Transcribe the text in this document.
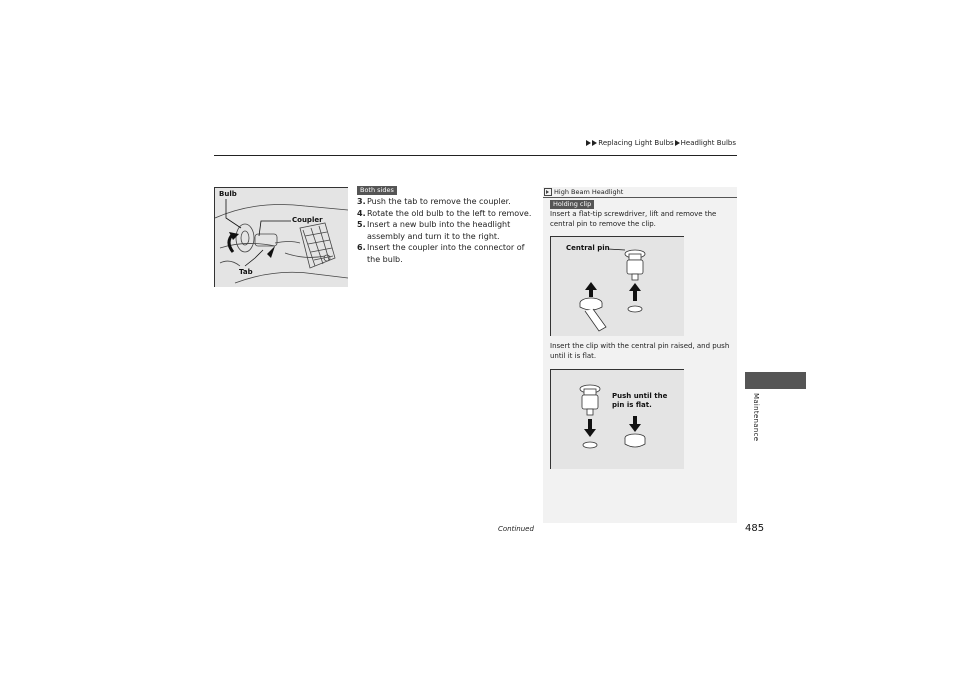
Replacing Light Bulbs Headlight Bulbs
Bulb
Coupler
Tab
Both sides
3. Push the tab to remove the coupler.
4. Rotate the old bulb to the left to remove.
5. Insert a new bulb into the headlight assembly and turn it to the right.
6. Insert the coupler into the connector of the bulb.
High Beam Headlight
Holding clip
Insert a flat-tip screwdriver, lift and remove the central pin to remove the clip.
Central pin
Insert the clip with the central pin raised, and push until it is flat.
Push until the
pin is flat.	Maintenance
Continued	485
